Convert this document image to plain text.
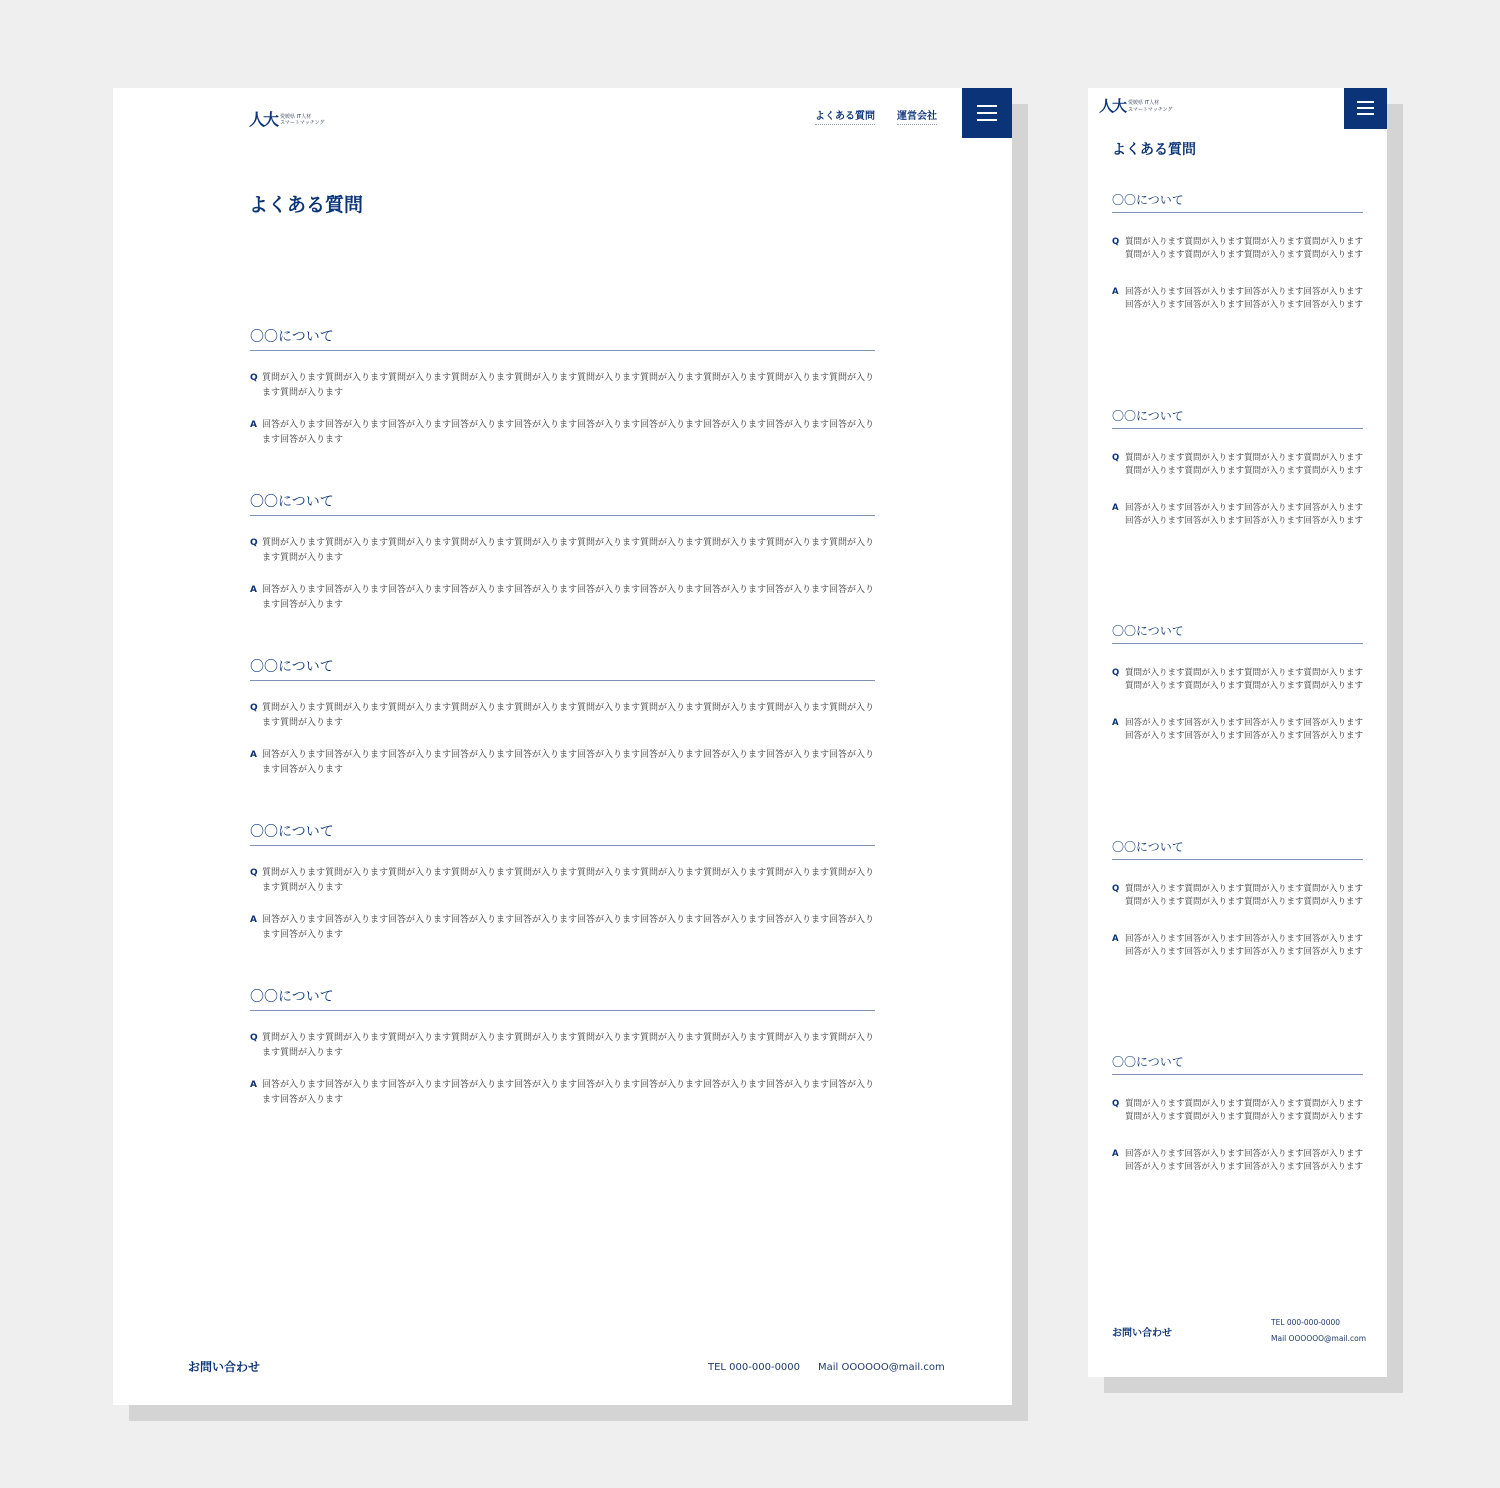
人大 愛媛県 IT人材
スマートマッチング
よくある質問 運営会社
よくある質問
〇〇について
Q 質問が入ります質問が入ります質問が入ります質問が入ります質問が入ります質問が入ります質問が入ります質問が入ります質問が入ります質問が入ります質問が入ります
A 回答が入ります回答が入ります回答が入ります回答が入ります回答が入ります回答が入ります回答が入ります回答が入ります回答が入ります回答が入ります回答が入ります
〇〇について
Q 質問が入ります質問が入ります質問が入ります質問が入ります質問が入ります質問が入ります質問が入ります質問が入ります質問が入ります質問が入ります質問が入ります
A 回答が入ります回答が入ります回答が入ります回答が入ります回答が入ります回答が入ります回答が入ります回答が入ります回答が入ります回答が入ります回答が入ります
〇〇について
Q 質問が入ります質問が入ります質問が入ります質問が入ります質問が入ります質問が入ります質問が入ります質問が入ります質問が入ります質問が入ります質問が入ります
A 回答が入ります回答が入ります回答が入ります回答が入ります回答が入ります回答が入ります回答が入ります回答が入ります回答が入ります回答が入ります回答が入ります
〇〇について
Q 質問が入ります質問が入ります質問が入ります質問が入ります質問が入ります質問が入ります質問が入ります質問が入ります質問が入ります質問が入ります質問が入ります
A 回答が入ります回答が入ります回答が入ります回答が入ります回答が入ります回答が入ります回答が入ります回答が入ります回答が入ります回答が入ります回答が入ります
〇〇について
Q 質問が入ります質問が入ります質問が入ります質問が入ります質問が入ります質問が入ります質問が入ります質問が入ります質問が入ります質問が入ります質問が入ります
A 回答が入ります回答が入ります回答が入ります回答が入ります回答が入ります回答が入ります回答が入ります回答が入ります回答が入ります回答が入ります回答が入ります
お問い合わせ	TEL 000-000-0000 Mail OOOOOO@mail.com
人大 愛媛県 IT人材
スマートマッチング
よくある質問
〇〇について
Q 質問が入ります質問が入ります質問が入ります質問が入ります質問が入ります質問が入ります質問が入ります質問が入ります
A 回答が入ります回答が入ります回答が入ります回答が入ります回答が入ります回答が入ります回答が入ります回答が入ります
〇〇について
Q 質問が入ります質問が入ります質問が入ります質問が入ります質問が入ります質問が入ります質問が入ります質問が入ります
A 回答が入ります回答が入ります回答が入ります回答が入ります回答が入ります回答が入ります回答が入ります回答が入ります
〇〇について
Q 質問が入ります質問が入ります質問が入ります質問が入ります質問が入ります質問が入ります質問が入ります質問が入ります
A 回答が入ります回答が入ります回答が入ります回答が入ります回答が入ります回答が入ります回答が入ります回答が入ります
〇〇について
Q 質問が入ります質問が入ります質問が入ります質問が入ります質問が入ります質問が入ります質問が入ります質問が入ります
A 回答が入ります回答が入ります回答が入ります回答が入ります回答が入ります回答が入ります回答が入ります回答が入ります
〇〇について
Q 質問が入ります質問が入ります質問が入ります質問が入ります質問が入ります質問が入ります質問が入ります質問が入ります
A 回答が入ります回答が入ります回答が入ります回答が入ります回答が入ります回答が入ります回答が入ります回答が入ります
お問い合わせ
TEL 000-000-0000
Mail OOOOOO@mail.com
